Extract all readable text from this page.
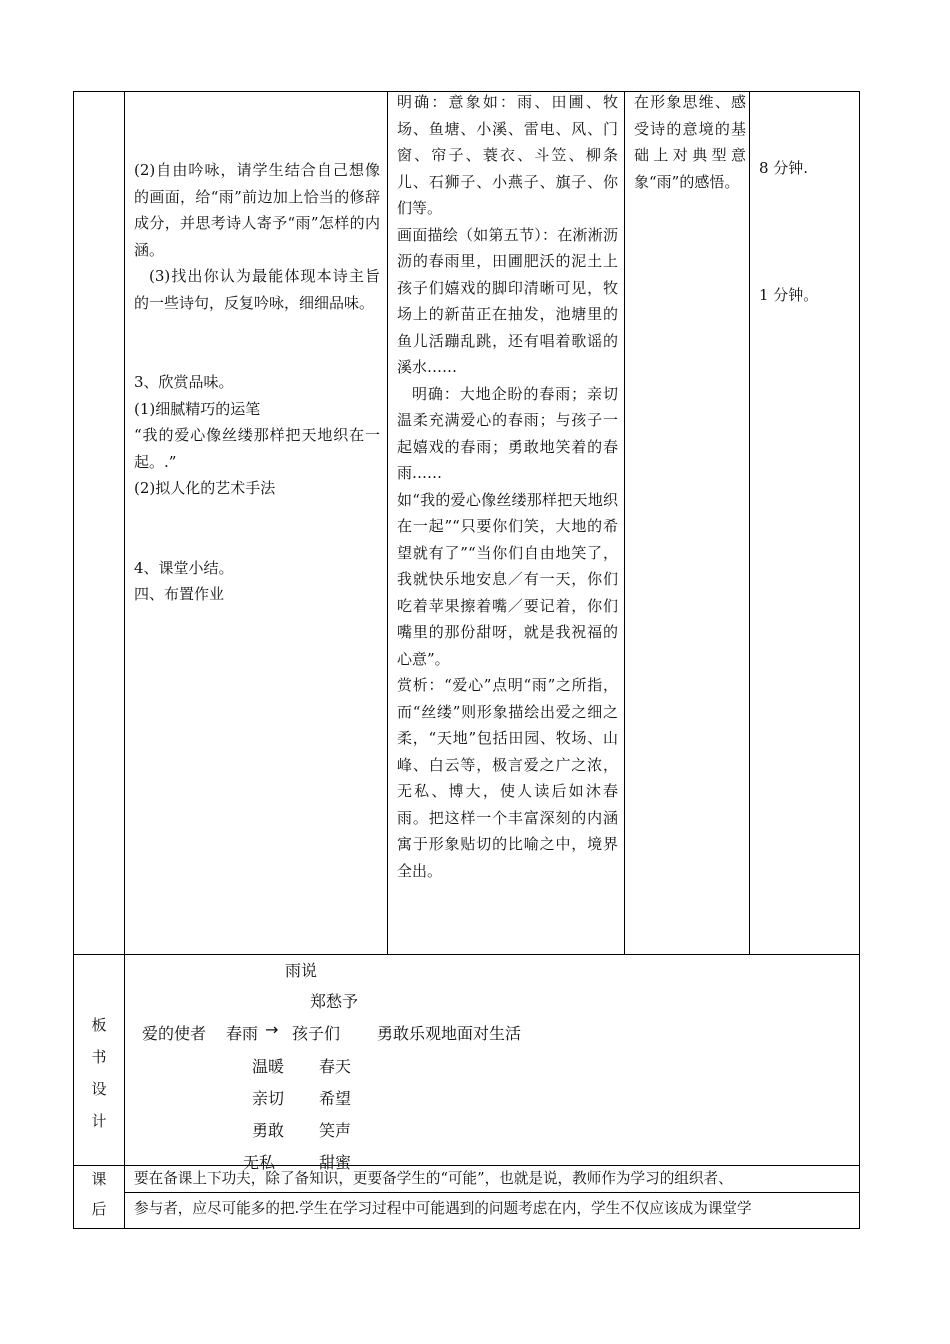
(2)自由吟咏，请学生结合自己想像的画面，给“雨”前边加上恰当的修辞成分，并思考诗人寄予“雨”怎样的内涵。

(3)找出你认为最能体现本诗主旨的一些诗句，反复吟咏，细细品味。

3、欣赏品味。

(1)细腻精巧的运笔

“我的爱心像丝缕那样把天地织在一起。.”

(2)拟人化的艺术手法

4、课堂小结。

四、布置作业

明确：意象如：雨、田圃、牧场、鱼塘、小溪、雷电、风、门窗、帘子、蓑衣、斗笠、柳条儿、石狮子、小燕子、旗子、你们等。

画面描绘（如第五节）：在淅淅沥沥的春雨里，田圃肥沃的泥土上孩子们嬉戏的脚印清晰可见，牧场上的新苗正在抽发，池塘里的鱼儿活蹦乱跳，还有唱着歌谣的溪水……

明确：大地企盼的春雨；亲切温柔充满爱心的春雨；与孩子一起嬉戏的春雨；勇敢地笑着的春雨……

如“我的爱心像丝缕那样把天地织在一起”“只要你们笑，大地的希望就有了”“当你们自由地笑了，我就快乐地安息／有一天，你们吃着苹果擦着嘴／要记着，你们嘴里的那份甜呀，就是我祝福的心意”。

赏析：“爱心”点明“雨”之所指，而“丝缕”则形象描绘出爱之细之柔，“天地”包括田园、牧场、山峰、白云等，极言爱之广之浓，无私、博大，使人读后如沐春雨。把这样一个丰富深刻的内涵寓于形象贴切的比喻之中，境界全出。

在形象思维、感受诗的意境的基础上对典型意象“雨”的感悟。

8 分钟.
1 分钟。
板
书
设
计
雨说
郑愁予
爱的使者 春雨 → 孩子们 勇敢乐观地面对生活
温暖
亲切
勇敢
无私
春天
希望
笑声
甜蜜
课
后
要在备课上下功夫，除了备知识，更要备学生的“可能”，也就是说，教师作为学习的组织者、
参与者，应尽可能多的把.学生在学习过程中可能遇到的问题考虑在内，学生不仅应该成为课堂学
